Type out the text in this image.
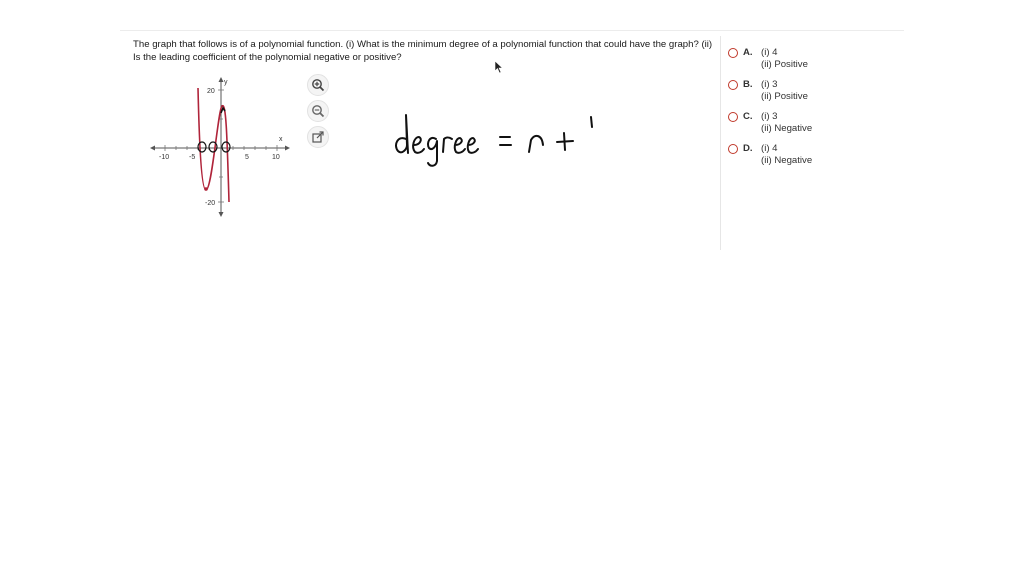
The graph that follows is of a polynomial function. (i) What is the minimum degree of a polynomial function that could have the graph? (ii) Is the leading coefficient of the polynomial negative or positive?
y
x
20
-20
-10	-5	5	10
A. (i) 4
(ii) Positive
B. (i) 3
(ii) Positive
C. (i) 3
(ii) Negative
D. (i) 4
(ii) Negative
